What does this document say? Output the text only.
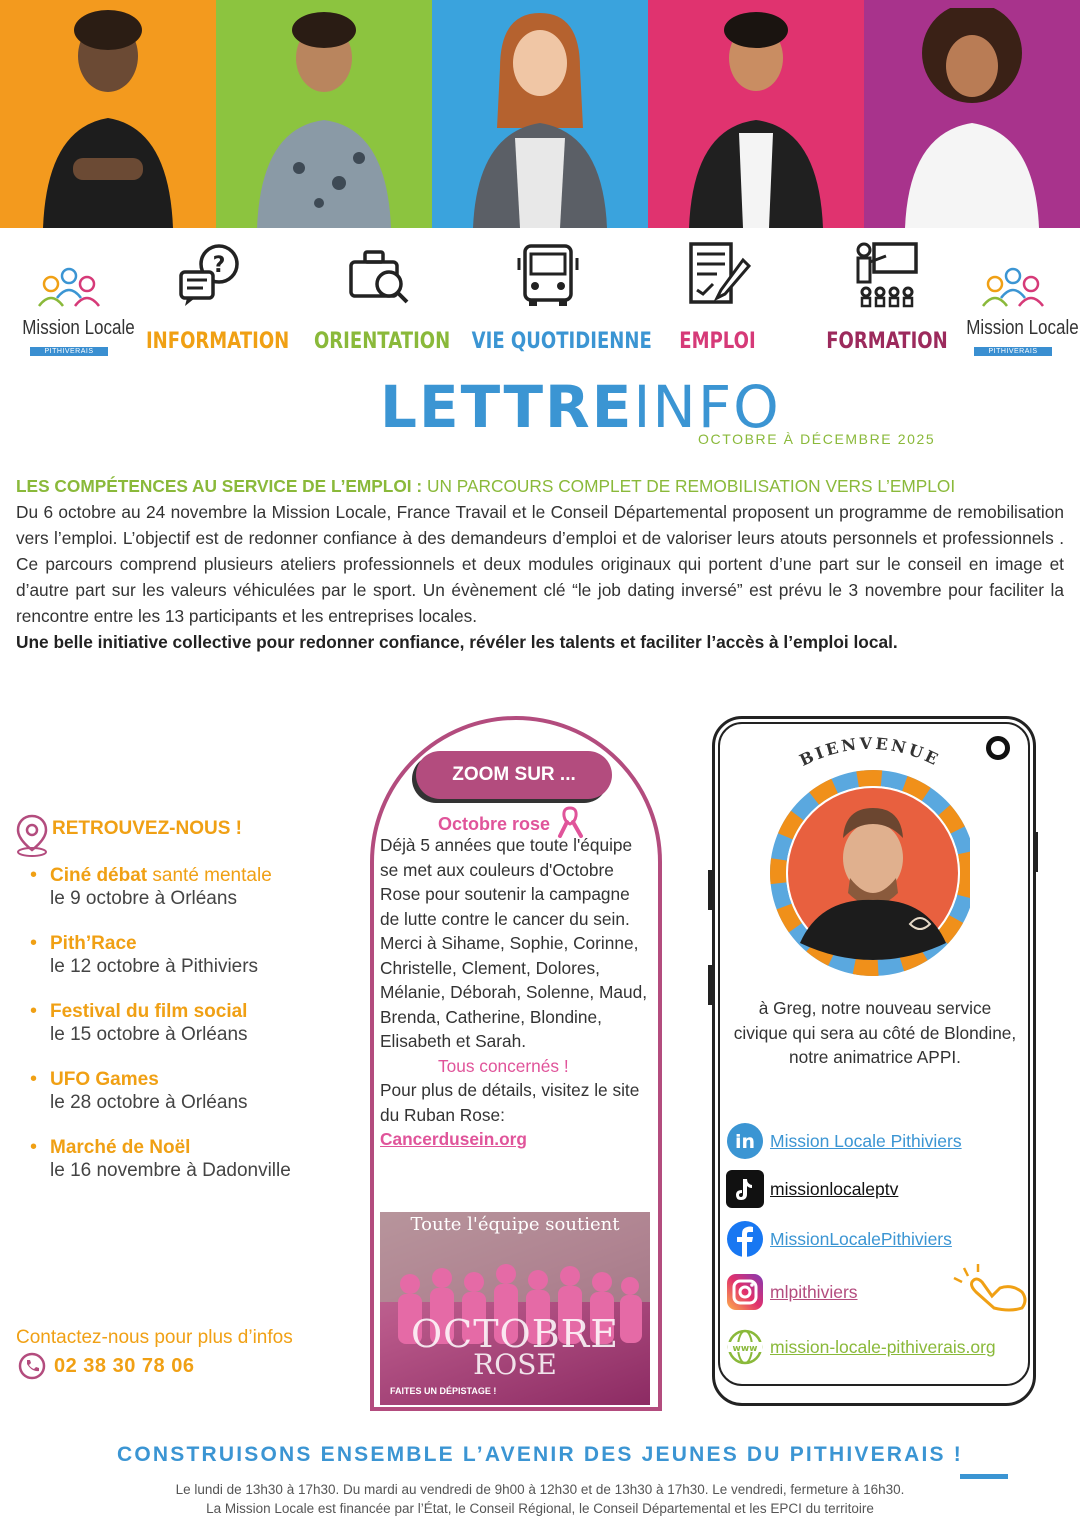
Mission Locale
PITHIVERAIS
?
INFORMATION ORIENTATION VIE QUOTIDIENNE	EMPLOI	FORMATION
Mission Locale
PITHIVERAIS
LETTREINFO
OCTOBRE À DÉCEMBRE 2025
LES COMPÉTENCES AU SERVICE DE L’EMPLOI : UN PARCOURS COMPLET DE REMOBILISATION VERS L’EMPLOI
Du 6 octobre au 24 novembre la Mission Locale, France Travail et le Conseil Départemental proposent un programme de remobilisation vers l’emploi. L’objectif est de redonner confiance à des demandeurs d’emploi et de valoriser leurs atouts personnels et professionnels . Ce parcours comprend plusieurs ateliers professionnels et deux modules originaux qui portent d’une part sur le conseil en image et d’autre part sur les valeurs véhiculées par le sport. Un évènement clé “le job dating inversé” est prévu le 3 novembre pour faciliter la rencontre entre les 13 participants et les entreprises locales.
Une belle initiative collective pour redonner confiance, révéler les talents et faciliter l’accès à l’emploi local.
RETROUVEZ-NOUS !
• Ciné débat santé mentale
le 9 octobre à Orléans
• Pith’Race
le 12 octobre à Pithiviers
• Festival du film social
le 15 octobre à Orléans
• UFO Games
le 28 octobre à Orléans
• Marché de Noël
le 16 novembre à Dadonville
Contactez-nous pour plus d’infos
02 38 30 78 06
ZOOM SUR ...
Octobre rose
Déjà 5 années que toute l'équipe se met aux couleurs d'Octobre Rose pour soutenir la campagne de lutte contre le cancer du sein.
Merci à Sihame, Sophie, Corinne, Christelle, Clement, Dolores, Mélanie, Déborah, Solenne, Maud, Brenda, Catherine, Blondine, Elisabeth et Sarah.
Tous concernés !
Pour plus de détails, visitez le site du Ruban Rose:
Cancerdusein.org
Toute l'équipe soutient
OCTOBRE
ROSE
FAITES UN DÉPISTAGE !
BIENVENUE
à Greg, notre nouveau service civique qui sera au côté de Blondine, notre animatrice APPI.
in Mission Locale Pithiviers
missionlocaleptv
MissionLocalePithiviers
mlpithiviers
www mission-locale-pithiverais.org
CONSTRUISONS ENSEMBLE L’AVENIR DES JEUNES DU PITHIVERAIS !
Le lundi de 13h30 à 17h30. Du mardi au vendredi de 9h00 à 12h30 et de 13h30 à 17h30. Le vendredi, fermeture à 16h30.
La Mission Locale est financée par l’État, le Conseil Régional, le Conseil Départemental et les EPCI du territoire
